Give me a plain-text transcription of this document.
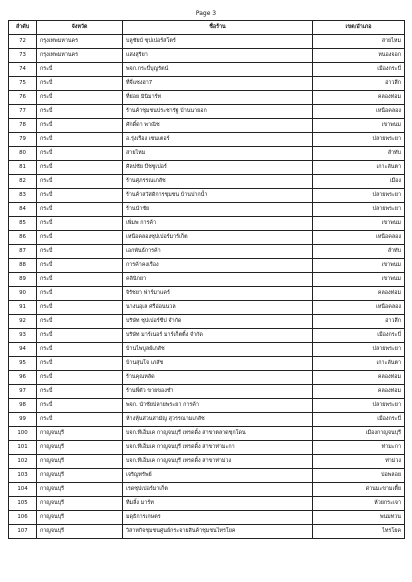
Page 3
ลำดับ	จังหวัด	ชื่อร้าน	เขต/อำเภอ
72	กรุงเทพมหานคร	บลูชัยบ์ ซุปเปอร์สโตร์	สายไหม
73	กรุงเทพมหานคร	แสงสุริยา	หนองจอก
74	กระบี่	พจก.กระบี่บุญรัตน์	เมืองกระบี่
75	กระบี่	ที่จี่แซงฮา7	อ่าวลึก
76	กระบี่	ที่ย่อย มินิมาร์ท	คลองท่อม
77	กระบี่	ร้านค้าชุมชนประชารัฐ บ้านนายอก	เหนือคลอง
78	กระบี่	ศักดิ์ดา พาณิช	เขาพนม
79	กระบี่	อ.รุ่งเรือง เซนเตอร์	ปลายพระยา
80	กระบี่	สายไหม	ลำทับ
81	กระบี่	ศิลปชัย บีชซูเปอร์	เกาะลันตา
82	กระบี่	ร้านศุภรรณเภสัช	เมือง
83	กระบี่	ร้านค้าสวัสดิการชุมชน บ้านปากน้ำ	ปลายพระยา
84	กระบี่	ร้านนำชัย	ปลายพระยา
85	กระบี่	เพิ่มพ การค้า	เขาพนม
86	กระบี่	เหนือคลองซุปเปอร์มาร์เก็ต	เหนือคลอง
87	กระบี่	เอกพันธ์การค้า	ลำทับ
88	กระบี่	การค้าคงเรือง	เขาพนม
89	กระบี่	คลินิกยา	เขาพนม
90	กระบี่	จิรัชยา ฟาร์มาแคร์	คลองท่อม
91	กระบี่	นางนอุเล ศรีอ่อนนวล	เหนือคลอง
92	กระบี่	บริษัท ซุปเปอร์ชีป จำกัด	อ่าวลึก
93	กระบี่	บริษัท มาร์เนอร์ มาร์เก็ตติ้ง จำกัด	เมืองกระบี่
94	กระบี่	บ้านไพบูลย์เภสัช	ปลายพระยา
95	กระบี่	บ้านสุนโจ เภสัช	เกาะลันตา
96	กระบี่	ร้านคุณหลัด	คลองท่อม
97	กระบี่	ร้านพี่ตัว ขายของชำ	คลองท่อม
98	กระบี่	พจก. นำชัยปลายพระยา การค้า	ปลายพระยา
99	กระบี่	ห้างหุ้นส่วนสามัญ สุวรรณามเภสัช	เมืองกระบี่
100	กาญจนบุรี	บจก.ทีเอ็มเค กาญจนบุรี เทรดดิ้ง สาขาตลาดชุกโดน	เมืองกาญจนบุรี
101	กาญจนบุรี	บจก.ทีเอ็มเค กาญจนบุรี เทรดดิ้ง สาขาท่ามะกา	ท่ามะกา
102	กาญจนบุรี	บจก.ทีเอ็มเค กาญจนบุรี เทรดดิ้ง สาขาท่าม่วง	ท่าม่วง
103	กาญจนบุรี	เจริญทรัพย์	บ่อพลอย
104	กาญจนบุรี	เรดซุปเปอร์มาเก็ต	ด่านมะขามเตี้ย
105	กาญจนบุรี	ทีมลิ้ง มาร์ท	ห้วยกระเจา
106	กาญจนบุรี	มดุธิการเกษตร	พนมทวน
107	กาญจนบุรี	วิสาหกิจชุมชนศูนย์กระจายสินค้าชุมชนไทรโยค	ไทรโยค
